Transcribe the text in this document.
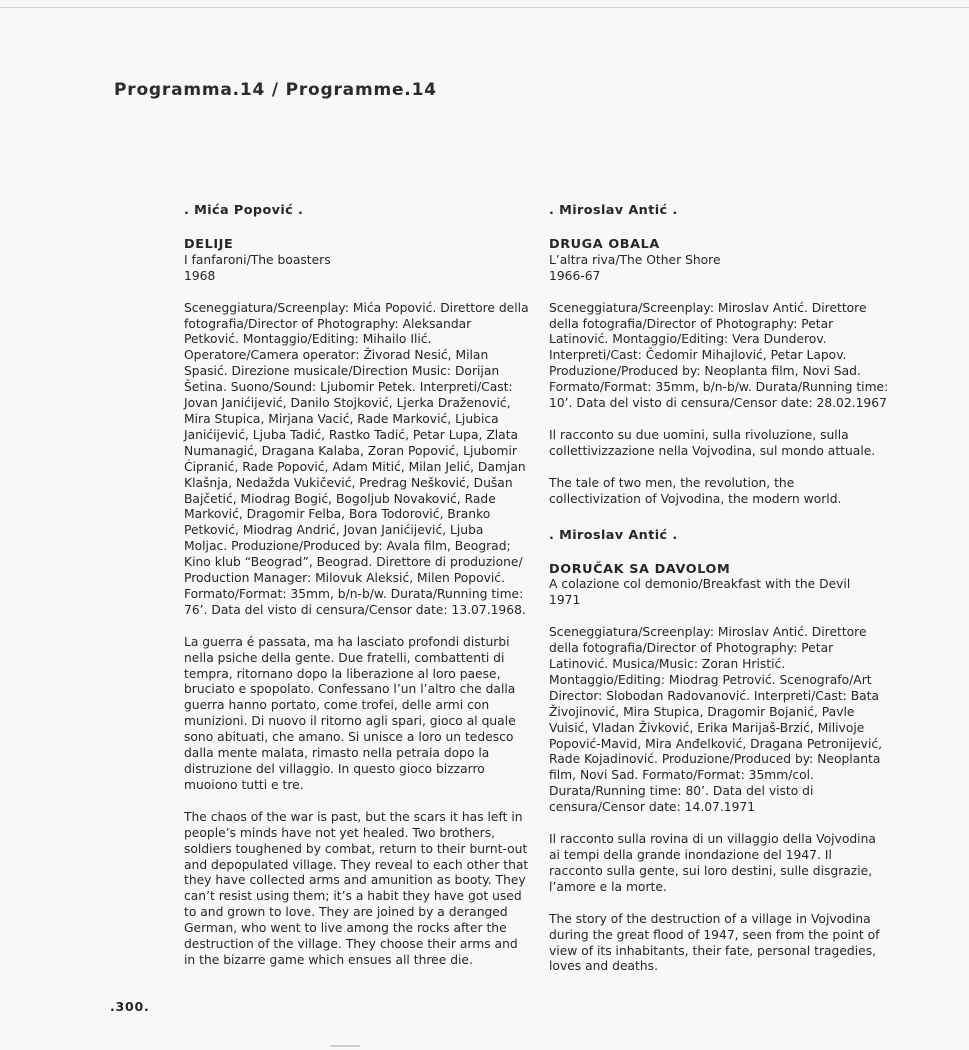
Programma.14 / Programme.14

. Mića Popović .

DELIJE

I fanfaroni/The boasters

1968

Sceneggiatura/Screenplay: Mića Popović. Direttore della fotografia/Director of Photography: Aleksandar Petković. Montaggio/Editing: Mihailo Ilić. Operatore/Camera operator: Živorad Nesić, Milan Spasić. Direzione musicale/Direction Music: Dorijan Šetina. Suono/Sound: Ljubomir Petek. Interpreti/Cast: Jovan Janićijević, Danilo Stojković, Ljerka Draženović, Mira Stupica, Mirjana Vacić, Rade Marković, Ljubica Janićijević, Ljuba Tadić, Rastko Tadić, Petar Lupa, Zlata Numanagić, Dragana Kalaba, Zoran Popović, Ljubomir Ćipranić, Rade Popović, Adam Mitić, Milan Jelić, Damjan Klašnja, Nedažda Vukičević, Predrag Nešković, Dušan Bajčetić, Miodrag Bogić, Bogoljub Novaković, Rade Marković, Dragomir Felba, Bora Todorović, Branko Petković, Miodrag Andrić, Jovan Janićijević, Ljuba Moljac. Produzione/Produced by: Avala film, Beograd; Kino klub “Beograd”, Beograd. Direttore di produzione/ Production Manager: Milovuk Aleksić, Milen Popović. Formato/Format: 35mm, b/n-b/w. Durata/Running time: 76’. Data del visto di censura/Censor date: 13.07.1968.

La guerra é passata, ma ha lasciato profondi disturbi nella psiche della gente. Due fratelli, combattenti di tempra, ritornano dopo la liberazione al loro paese, bruciato e spopolato. Confessano l’un l’altro che dalla guerra hanno portato, come trofei, delle armi con munizioni. Di nuovo il ritorno agli spari, gioco al quale sono abituati, che amano. Si unisce a loro un tedesco dalla mente malata, rimasto nella petraia dopo la distruzione del villaggio. In questo gioco bizzarro muoiono tutti e tre.

The chaos of the war is past, but the scars it has left in people’s minds have not yet healed. Two brothers, soldiers toughened by combat, return to their burnt-out and depopulated village. They reveal to each other that they have collected arms and amunition as booty. They can’t resist using them; it’s a habit they have got used to and grown to love. They are joined by a deranged German, who went to live among the rocks after the destruction of the village. They choose their arms and in the bizarre game which ensues all three die.

. Miroslav Antić .

DRUGA OBALA

L’altra riva/The Other Shore

1966-67

Sceneggiatura/Screenplay: Miroslav Antić. Direttore della fotografia/Director of Photography: Petar Latinović. Montaggio/Editing: Vera Dunderov. Interpreti/Cast: Čedomir Mihajlović, Petar Lapov. Produzione/Produced by: Neoplanta film, Novi Sad. Formato/Format: 35mm, b/n-b/w. Durata/Running time: 10’. Data del visto di censura/Censor date: 28.02.1967

Il racconto su due uomini, sulla rivoluzione, sulla collettivizzazione nella Vojvodina, sul mondo attuale.

The tale of two men, the revolution, the collectivization of Vojvodina, the modern world.

. Miroslav Antić .

DORUČAK SA DAVOLOM

A colazione col demonio/Breakfast with the Devil

1971

Sceneggiatura/Screenplay: Miroslav Antić. Direttore della fotografia/Director of Photography: Petar Latinović. Musica/Music: Zoran Hristić. Montaggio/Editing: Miodrag Petrović. Scenografo/Art Director: Slobodan Radovanović. Interpreti/Cast: Bata Živojinović, Mira Stupica, Dragomir Bojanić, Pavle Vuisić, Vladan Živković, Erika Marijaš-Brzić, Milivoje Popović-Mavid, Mira Anđelković, Dragana Petronijević, Rade Kojadinović. Produzione/Produced by: Neoplanta film, Novi Sad. Formato/Format: 35mm/col. Durata/Running time: 80’. Data del visto di censura/Censor date: 14.07.1971

Il racconto sulla rovina di un villaggio della Vojvodina ai tempi della grande inondazione del 1947. Il racconto sulla gente, sui loro destini, sulle disgrazie, l’amore e la morte.

The story of the destruction of a village in Vojvodina during the great flood of 1947, seen from the point of view of its inhabitants, their fate, personal tragedies, loves and deaths.

.300.
